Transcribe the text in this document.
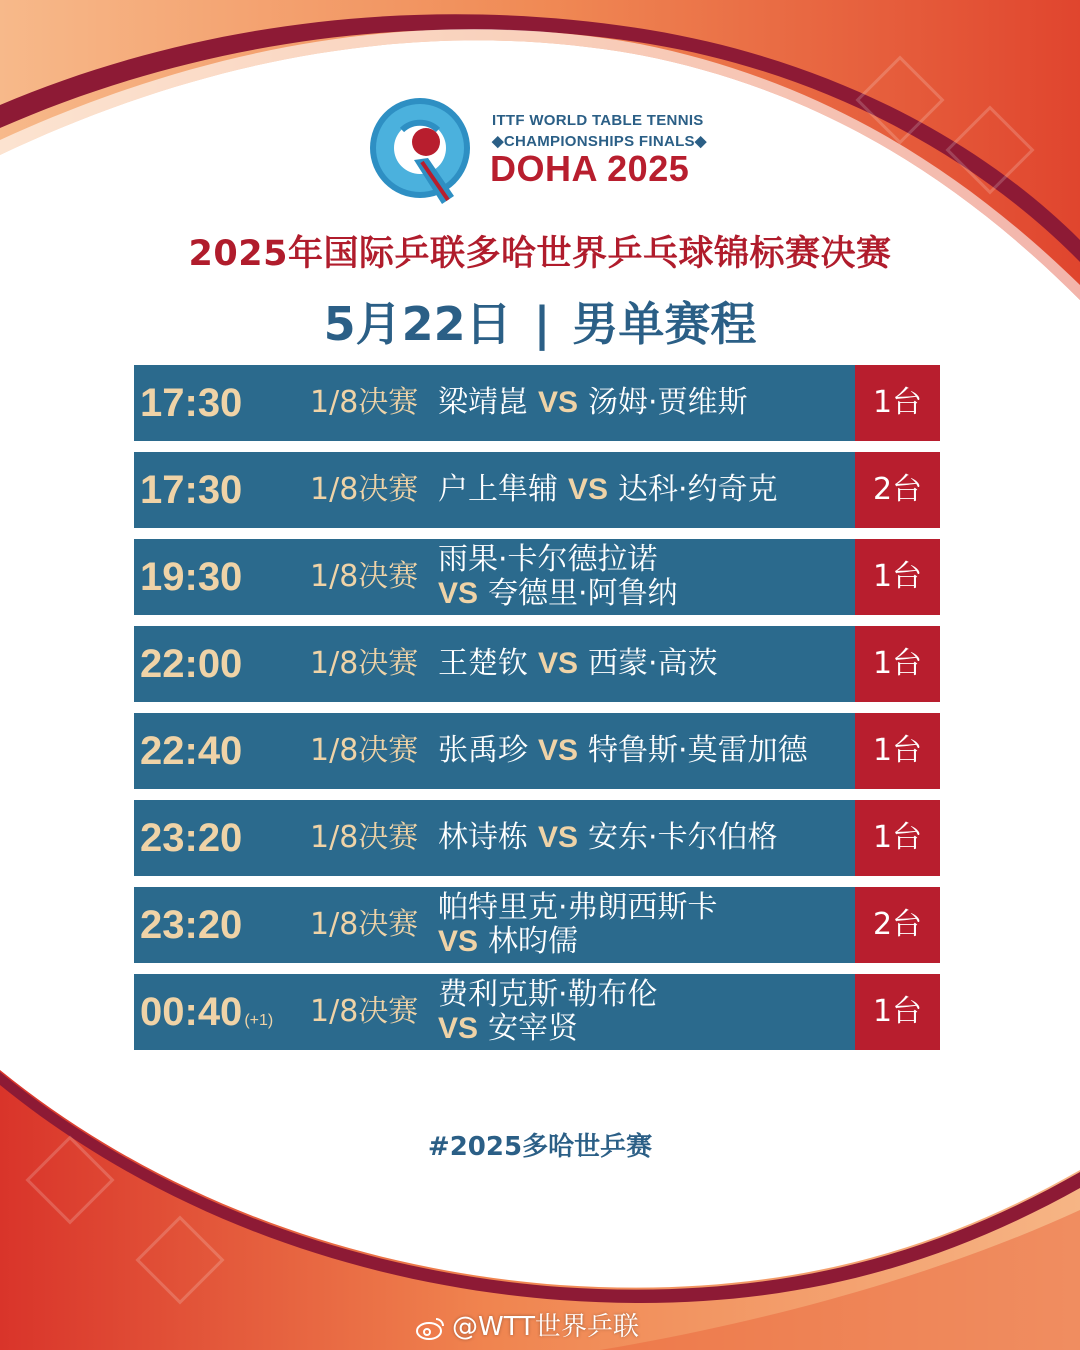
ITTF WORLD TABLE TENNIS
◆CHAMPIONSHIPS FINALS◆
DOHA 2025
2025年国际乒联多哈世界乒乓球锦标赛决赛
5月22日 | 男单赛程
17:30 1/8决赛 梁靖崑 VS 汤姆·贾维斯	1台
17:30 1/8决赛 户上隼辅 VS 达科·约奇克	2台
19:30 1/8决赛 雨果·卡尔德拉诺
VS 夸德里·阿鲁纳	1台
22:00 1/8决赛 王楚钦 VS 西蒙·高茨	1台
22:40 1/8决赛 张禹珍 VS 特鲁斯·莫雷加德	1台
23:20 1/8决赛 林诗栋 VS 安东·卡尔伯格	1台
23:20 1/8决赛 帕特里克·弗朗西斯卡
VS 林昀儒	2台
00:40 (+1) 1/8决赛 费利克斯·勒布伦
VS 安宰贤	1台
#2025多哈世乒赛
@WTT世界乒联
